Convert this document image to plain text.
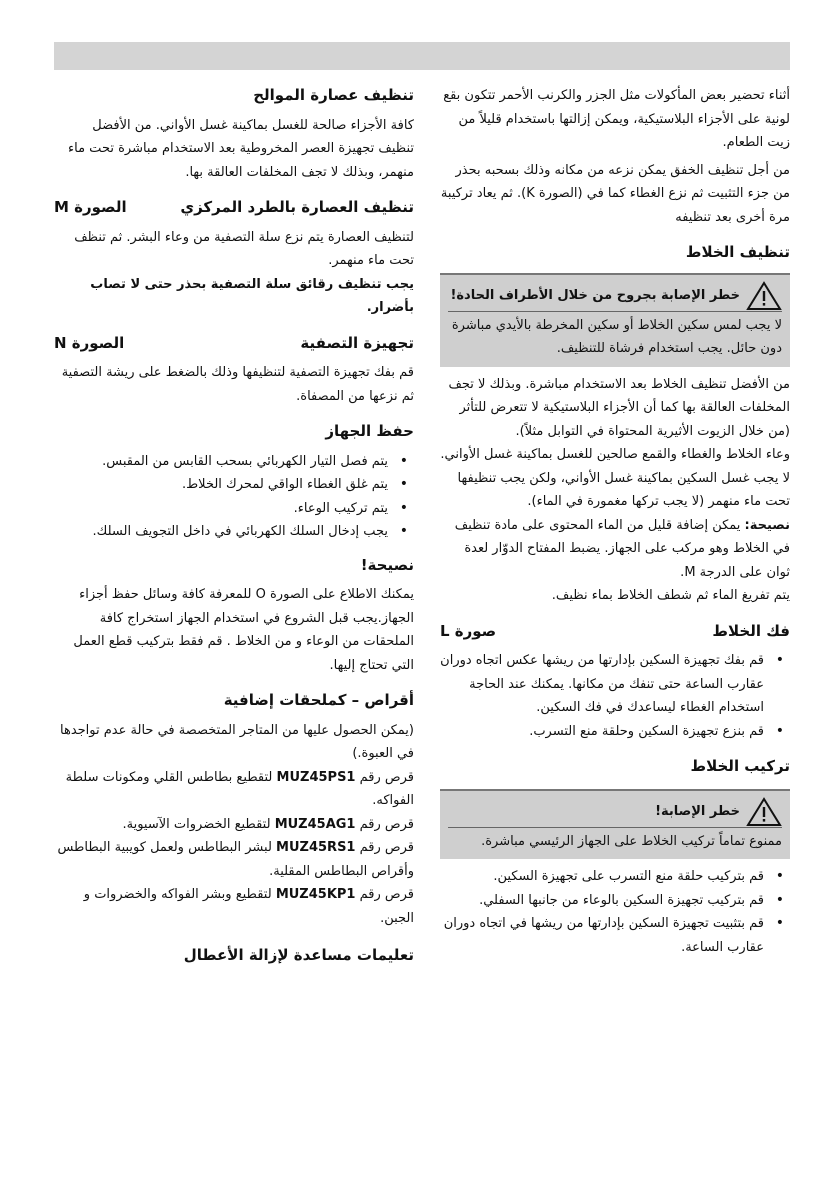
أثناء تحضير بعض المأكولات مثل الجزر والكرنب الأحمر تتكون بقع لونية على الأجزاء البلاستيكية، ويمكن إزالتها باستخدام قليلاً من زيت الطعام.

من أجل تنظيف الخفق يمكن نزعه من مكانه وذلك بسحبه بحذر من جزء التثبيت ثم نزع الغطاء كما في (الصورة K). ثم يعاد تركيبة مرة أخرى بعد تنظيفه

تنظيف الخلاط
خطر الإصابة بجروح من خلال الأطراف الحادة!
لا يجب لمس سكين الخلاط أو سكين المخرطة بالأيدي مباشرة دون حائل. يجب استخدام فرشاة للتنظيف.

من الأفضل تنظيف الخلاط بعد الاستخدام مباشرة. وبذلك لا تجف المخلفات العالقة بها كما أن الأجزاء البلاستيكية لا تتعرض للتأثر (من خلال الزيوت الأثيرية المحتواة في التوابل مثلاً).

وعاء الخلاط والغطاء والقمع صالحين للغسل بماكينة غسل الأواني.

لا يجب غسل السكين بماكينة غسل الأواني، ولكن يجب تنظيفها تحت ماء منهمر (لا يجب تركها مغمورة في الماء).

نصيحة: يمكن إضافة قليل من الماء المحتوى على مادة تنظيف في الخلاط وهو مركب على الجهاز. يضبط المفتاح الدوّار لعدة ثوان على الدرجة M.

يتم تفريغ الماء ثم شطف الخلاط بماء نظيف.

فك الخلاط
صورة L
• قم بفك تجهيزة السكين بإدارتها من ريشها عكس اتجاه دوران عقارب الساعة حتى تنفك من مكانها. يمكنك عند الحاجة استخدام الغطاء ليساعدك في فك السكين.
• قم بنزع تجهيزة السكين وحلقة منع التسرب.
تركيب الخلاط
خطر الإصابة!
ممنوع تماماً تركيب الخلاط على الجهاز الرئيسي مباشرة.
• قم بتركيب حلقة منع التسرب على تجهيزة السكين.
• قم بتركيب تجهيزة السكين بالوعاء من جانبها السفلي.
• قم بتثبيت تجهيزة السكين بإدارتها من ريشها في اتجاه دوران عقارب الساعة.
تنظيف عصارة الموالح

كافة الأجزاء صالحة للغسل بماكينة غسل الأواني. من الأفضل تنظيف تجهيزة العصر المخروطية بعد الاستخدام مباشرة تحت ماء منهمر، وبذلك لا تجف المخلفات العالقة بها.

تنظيف العصارة بالطرد المركزي
الصورة M

لتنظيف العصارة يتم نزع سلة التصفية من وعاء البشر. ثم تنظف تحت ماء منهمر.

يجب تنظيف رقائق سلة التصفية بحذر حتى لا تصاب بأضرار.

تجهيزة التصفية
الصورة N

قم بفك تجهيزة التصفية لتنظيفها وذلك بالضغط على ريشة التصفية ثم نزعها من المصفاة.

حفظ الجهاز
• يتم فصل التيار الكهربائي بسحب القابس من المقبس.
• يتم غلق الغطاء الواقي لمحرك الخلاط.
• يتم تركيب الوعاء.
• يجب إدخال السلك الكهربائي في داخل التجويف السلك.
نصيحة!

يمكنك الاطلاع على الصورة O للمعرفة كافة وسائل حفظ أجزاء الجهاز.يجب قبل الشروع في استخدام الجهاز استخراج كافة الملحقات من الوعاء و من الخلاط . قم فقط بتركيب قطع العمل التي تحتاج إليها.

أقراص – كملحقات إضافية

(يمكن الحصول عليها من المتاجر المتخصصة في حالة عدم تواجدها في العبوة.)

قرص رقم MUZ45PS1 لتقطيع بطاطس القلي ومكونات سلطة الفواكه.

قرص رقم MUZ45AG1 لتقطيع الخضروات الآسيوية.

قرص رقم MUZ45RS1 لبشر البطاطس ولعمل كويبية البطاطس وأقراص البطاطس المقلية.

قرص رقم MUZ45KP1 لتقطيع وبشر الفواكه والخضروات و الجبن.

تعليمات مساعدة لإزالة الأعطال
